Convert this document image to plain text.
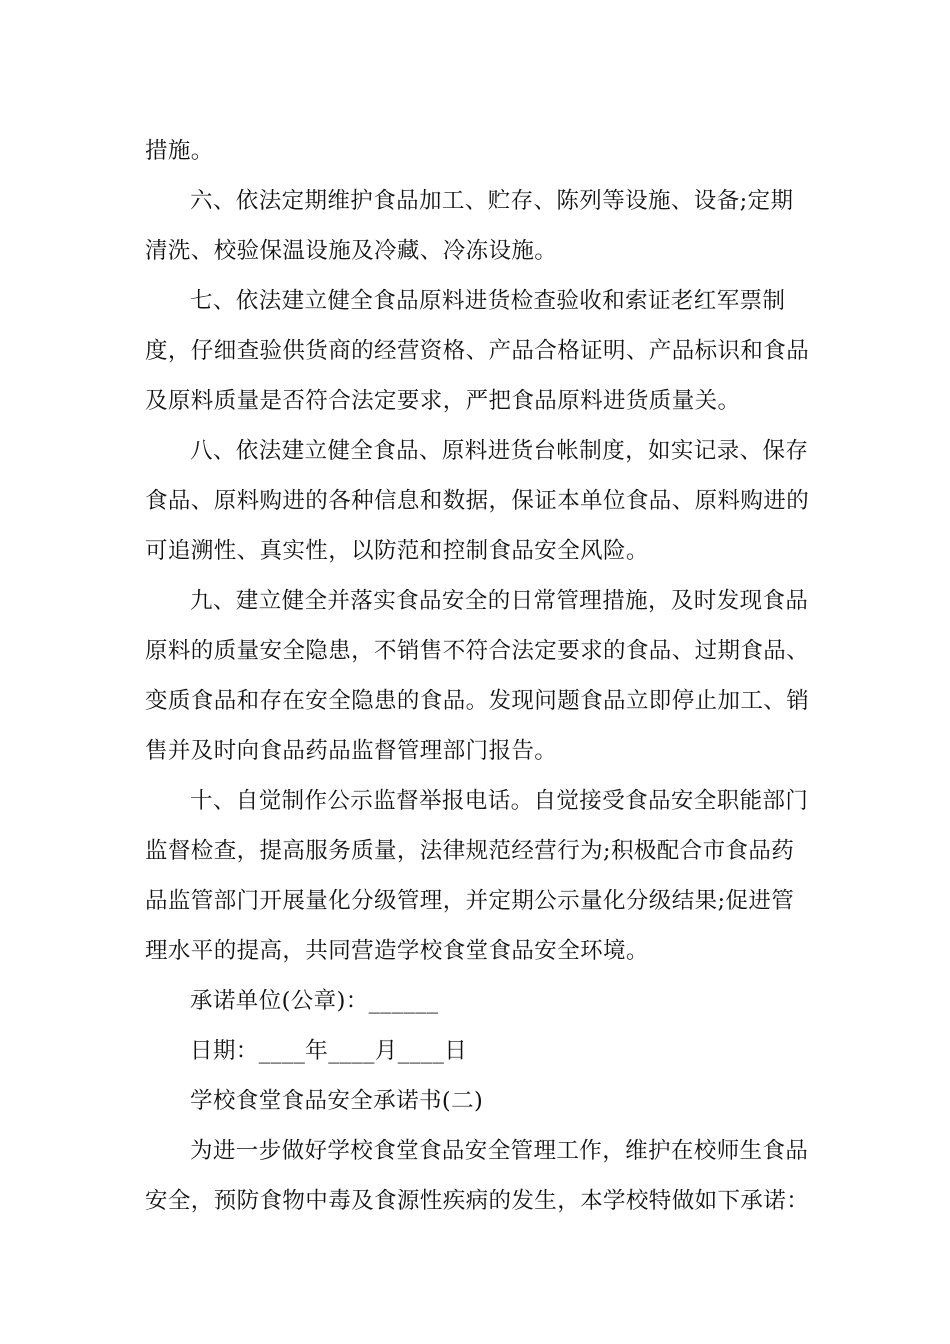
措施。

六、依法定期维护食品加工、贮存、陈列等设施、设备;定期清洗、校验保温设施及冷藏、冷冻设施。

七、依法建立健全食品原料进货检查验收和索证老红军票制度，仔细查验供货商的经营资格、产品合格证明、产品标识和食品及原料质量是否符合法定要求，严把食品原料进货质量关。

八、依法建立健全食品、原料进货台帐制度，如实记录、保存食品、原料购进的各种信息和数据，保证本单位食品、原料购进的可追溯性、真实性，以防范和控制食品安全风险。

九、建立健全并落实食品安全的日常管理措施，及时发现食品原料的质量安全隐患，不销售不符合法定要求的食品、过期食品、变质食品和存在安全隐患的食品。发现问题食品立即停止加工、销售并及时向食品药品监督管理部门报告。

十、自觉制作公示监督举报电话。自觉接受食品安全职能部门监督检查，提高服务质量，法律规范经营行为;积极配合市食品药品监管部门开展量化分级管理，并定期公示量化分级结果;促进管理水平的提高，共同营造学校食堂食品安全环境。

承诺单位(公章)：______

日期：____年____月____日

学校食堂食品安全承诺书(二)

为进一步做好学校食堂食品安全管理工作，维护在校师生食品安全，预防食物中毒及食源性疾病的发生，本学校特做如下承诺：
